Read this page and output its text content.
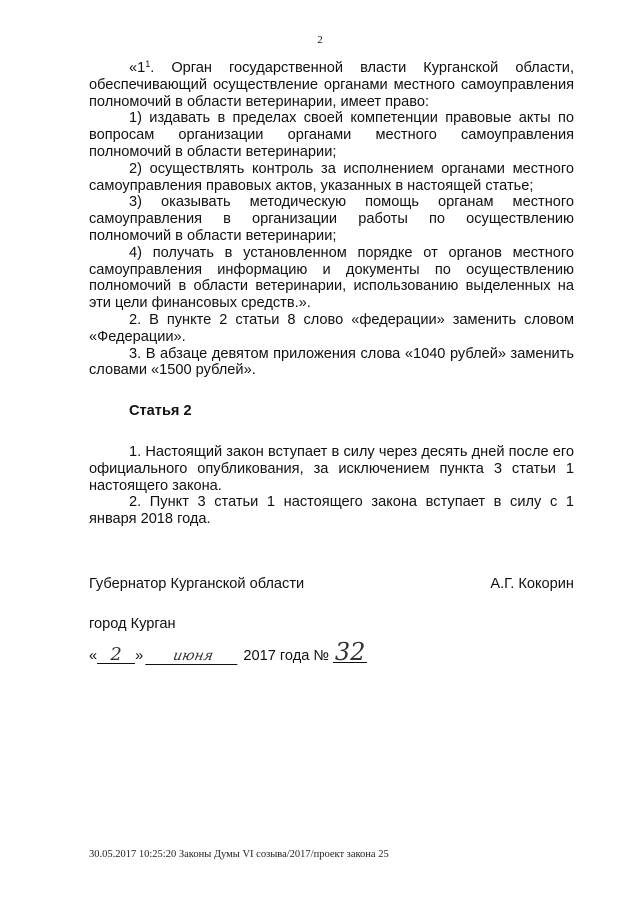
2

«$1^1$. Орган государственной власти Курганской области, обеспечивающий осуществление органами местного самоуправления полномочий в области ветеринарии, имеет право:

1) издавать в пределах своей компетенции правовые акты по вопросам организации органами местного самоуправления полномочий в области ветеринарии;

2) осуществлять контроль за исполнением органами местного самоуправления правовых актов, указанных в настоящей статье;

3) оказывать методическую помощь органам местного самоуправления в организации работы по осуществлению полномочий в области ветеринарии;

4) получать в установленном порядке от органов местного самоуправления информацию и документы по осуществлению полномочий в области ветеринарии, использованию выделенных на эти цели финансовых средств.».

2. В пункте 2 статьи 8 слово «федерации» заменить словом «Федерации».

3. В абзаце девятом приложения слова «1040 рублей» заменить словами «1500 рублей».

Статья 2

1. Настоящий закон вступает в силу через десять дней после его официального опубликования, за исключением пункта 3 статьи 1 настоящего закона.

2. Пункт 3 статьи 1 настоящего закона вступает в силу с 1 января 2018 года.

Губернатор Курганской области	А.Г. Кокорин
город Курган
« 2 » июня 2017 года № 32
30.05.2017 10:25:20 Законы Думы VI созыва/2017/проект закона 25
